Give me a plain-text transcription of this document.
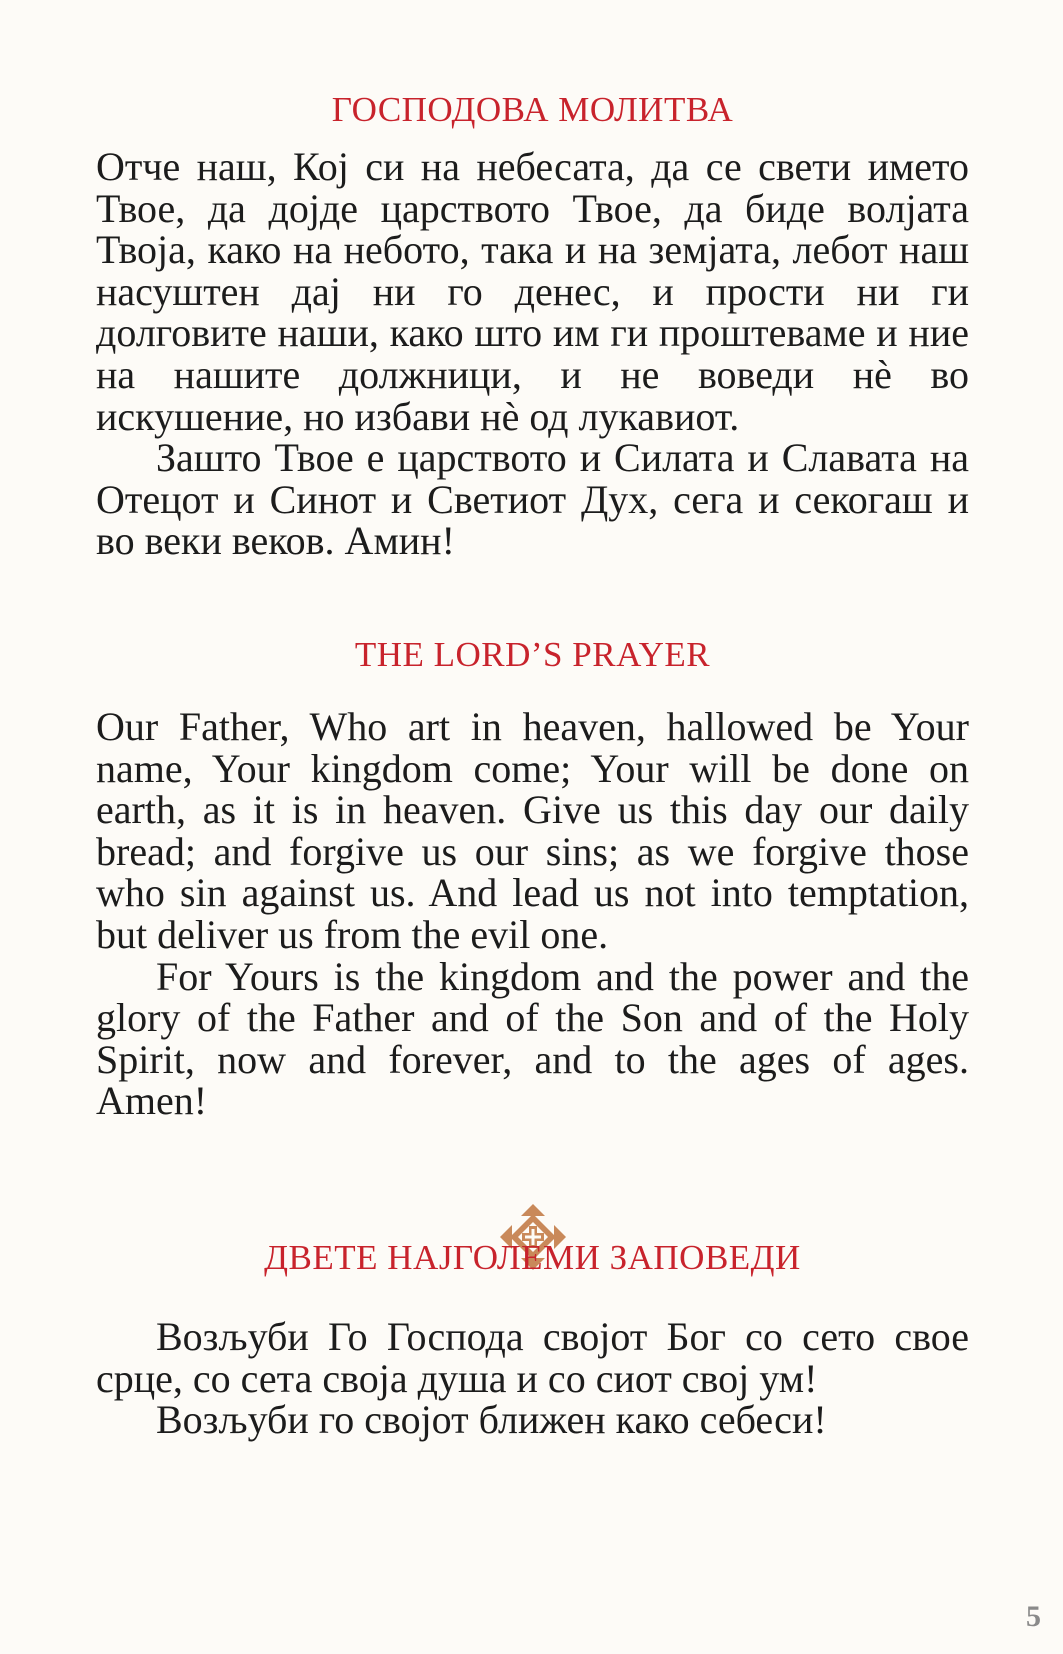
ГОСПОДОВА МОЛИТВА

Отче наш, Кој си на небесата, да се свети името Твое, да дојде царството Твое, да биде волјата Твоја, како на небото, така и на земјата, лебот наш насуштен дај ни го денес, и прости ни ги долговите наши, како што им ги проштеваме и ние на нашите должници, и не воведи нè во искушение, но избави нè од лукавиот.

Зашто Твое е царството и Силата и Славата на Отецот и Синот и Светиот Дух, сега и секогаш и во веки веков. Амин!

THE LORD’S PRAYER

Our Father, Who art in heaven, hallowed be Your name, Your kingdom come; Your will be done on earth, as it is in heaven. Give us this day our daily bread; and forgive us our sins; as we forgive those who sin against us. And lead us not into temptation, but deliver us from the evil one.

For Yours is the kingdom and the power and the glory of the Father and of the Son and of the Holy Spirit, now and forever, and to the ages of ages. Amen!

ДВЕТЕ НАЈГОЛЕМИ ЗАПОВЕДИ

Возљуби Го Господа својот Бог со сето свое срце, со сета своја душа и со сиот свој ум!

Возљуби го својот ближен како себеси!

5
